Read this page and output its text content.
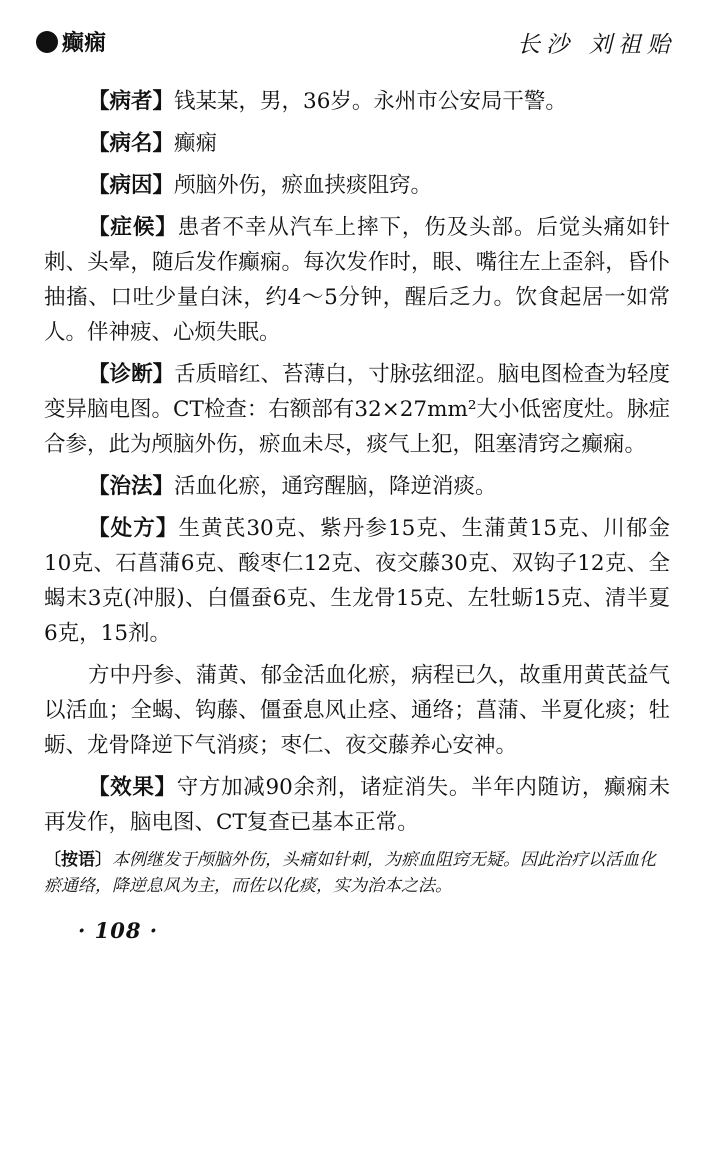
癫痫	长沙 刘祖贻

【病者】钱某某，男，36岁。永州市公安局干警。

【病名】癫痫

【病因】颅脑外伤，瘀血挟痰阻窍。

【症候】患者不幸从汽车上摔下，伤及头部。后觉头痛如针刺、头晕，随后发作癫痫。每次发作时，眼、嘴往左上歪斜，昏仆抽搐、口吐少量白沫，约4～5分钟，醒后乏力。饮食起居一如常人。伴神疲、心烦失眠。

【诊断】舌质暗红、苔薄白，寸脉弦细涩。脑电图检查为轻度变异脑电图。CT检查：右额部有32×27mm²大小低密度灶。脉症合参，此为颅脑外伤，瘀血未尽，痰气上犯，阻塞清窍之癫痫。

【治法】活血化瘀，通窍醒脑，降逆消痰。

【处方】生黄芪30克、紫丹参15克、生蒲黄15克、川郁金10克、石菖蒲6克、酸枣仁12克、夜交藤30克、双钩子12克、全蝎末3克(冲服)、白僵蚕6克、生龙骨15克、左牡蛎15克、清半夏6克，15剂。

方中丹参、蒲黄、郁金活血化瘀，病程已久，故重用黄芪益气以活血；全蝎、钩藤、僵蚕息风止痉、通络；菖蒲、半夏化痰；牡蛎、龙骨降逆下气消痰；枣仁、夜交藤养心安神。

【效果】守方加减90余剂，诸症消失。半年内随访，癫痫未再发作，脑电图、CT复查已基本正常。

〔按语〕本例继发于颅脑外伤，头痛如针刺，为瘀血阻窍无疑。因此治疗以活血化瘀通络，降逆息风为主，而佐以化痰，实为治本之法。

· 108 ·
